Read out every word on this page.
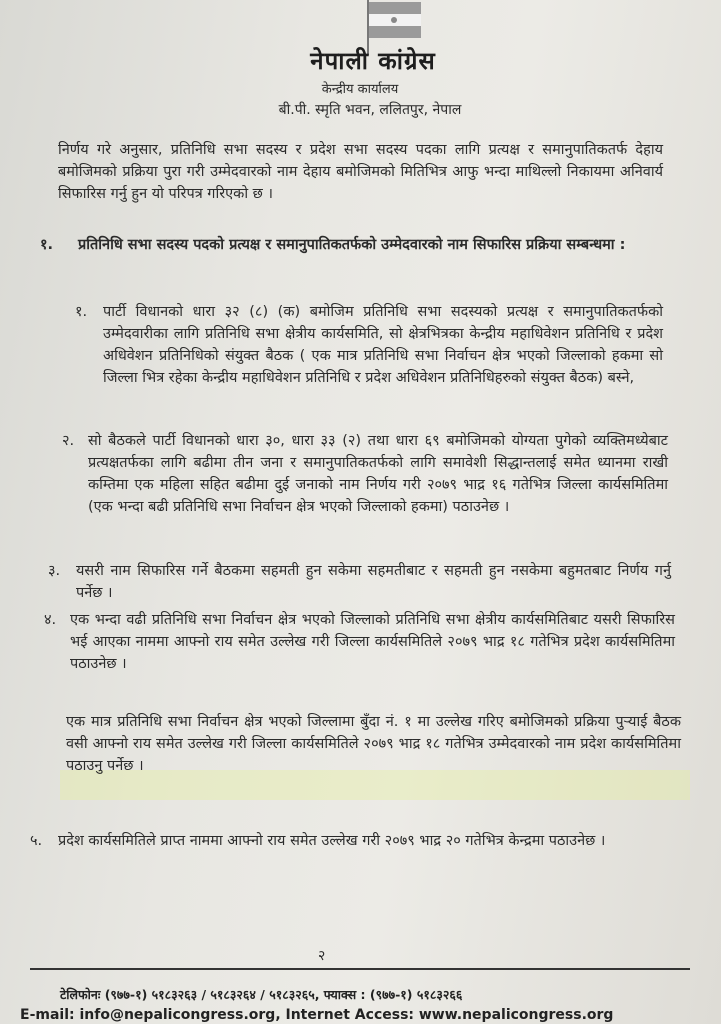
नेपाली कांग्रेस
केन्द्रीय कार्यालय
बी.पी. स्मृति भवन, ललितपुर, नेपाल
निर्णय गरे अनुसार, प्रतिनिधि सभा सदस्य र प्रदेश सभा सदस्य पदका लागि प्रत्यक्ष र समानुपातिकतर्फ देहाय बमोजिमको प्रक्रिया पुरा गरी उम्मेदवारको नाम देहाय बमोजिमको मितिभित्र आफु भन्दा माथिल्लो निकायमा अनिवार्य सिफारिस गर्नु हुन यो परिपत्र गरिएको छ ।
१. प्रतिनिधि सभा सदस्य पदको प्रत्यक्ष र समानुपातिकतर्फको उम्मेदवारको नाम सिफारिस प्रक्रिया सम्बन्धमा :
१. पार्टी विधानको धारा ३२ (८) (क) बमोजिम प्रतिनिधि सभा सदस्यको प्रत्यक्ष र समानुपातिकतर्फको उम्मेदवारीका लागि प्रतिनिधि सभा क्षेत्रीय कार्यसमिति, सो क्षेत्रभित्रका केन्द्रीय महाधिवेशन प्रतिनिधि र प्रदेश अधिवेशन प्रतिनिधिको संयुक्त बैठक ( एक मात्र प्रतिनिधि सभा निर्वाचन क्षेत्र भएको जिल्लाको हकमा सो जिल्ला भित्र रहेका केन्द्रीय महाधिवेशन प्रतिनिधि र प्रदेश अधिवेशन प्रतिनिधिहरुको संयुक्त बैठक) बस्ने,
२. सो बैठकले पार्टी विधानको धारा ३०, धारा ३३ (२) तथा धारा ६९ बमोजिमको योग्यता पुगेको व्यक्तिमध्येबाट प्रत्यक्षतर्फका लागि बढीमा तीन जना र समानुपातिकतर्फको लागि समावेशी सिद्धान्तलाई समेत ध्यानमा राखी कम्तिमा एक महिला सहित बढीमा दुई जनाको नाम निर्णय गरी २०७९ भाद्र १६ गतेभित्र जिल्ला कार्यसमितिमा (एक भन्दा बढी प्रतिनिधि सभा निर्वाचन क्षेत्र भएको जिल्लाको हकमा) पठाउनेछ ।
३. यसरी नाम सिफारिस गर्ने बैठकमा सहमती हुन सकेमा सहमतीबाट र सहमती हुन नसकेमा बहुमतबाट निर्णय गर्नु पर्नेछ ।
४. एक भन्दा वढी प्रतिनिधि सभा निर्वाचन क्षेत्र भएको जिल्लाको प्रतिनिधि सभा क्षेत्रीय कार्यसमितिबाट यसरी सिफारिस भई आएका नाममा आफ्नो राय समेत उल्लेख गरी जिल्ला कार्यसमितिले २०७९ भाद्र १८ गतेभित्र प्रदेश कार्यसमितिमा पठाउनेछ ।
एक मात्र प्रतिनिधि सभा निर्वाचन क्षेत्र भएको जिल्लामा बुँदा नं. १ मा उल्लेख गरिए बमोजिमको प्रक्रिया पुऱ्याई बैठक वसी आफ्नो राय समेत उल्लेख गरी जिल्ला कार्यसमितिले २०७९ भाद्र १८ गतेभित्र उम्मेदवारको नाम प्रदेश कार्यसमितिमा पठाउनु पर्नेछ ।
५. प्रदेश कार्यसमितिले प्राप्त नाममा आफ्नो राय समेत उल्लेख गरी २०७९ भाद्र २० गतेभित्र केन्द्रमा पठाउनेछ ।
२
टेलिफोनः (९७७-१) ५१८३२६३ / ५१८३२६४ / ५१८३२६५, फ्याक्स : (९७७-१) ५१८३२६६
E-mail: info@nepalicongress.org, Internet Access: www.nepalicongress.org
